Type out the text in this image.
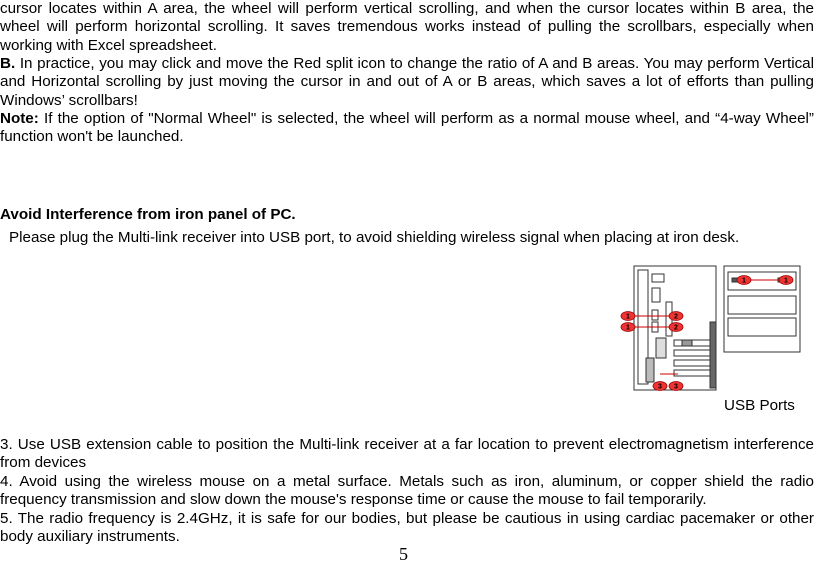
cursor locates within A area, the wheel will perform vertical scrolling, and when the cursor locates within B area, the wheel will perform horizontal scrolling. It saves tremendous works instead of pulling the scrollbars, especially when working with Excel spreadsheet.

B. In practice, you may click and move the Red split icon to change the ratio of A and B areas. You may perform Vertical and Horizontal scrolling by just moving the cursor in and out of A or B areas, which saves a lot of efforts than pulling Windows’ scrollbars!

Note: If the option of "Normal Wheel" is selected, the wheel will perform as a normal mouse wheel, and “4-way Wheel” function won't be launched.

Avoid Interference from iron panel of PC.

Please plug the Multi-link receiver into USB port, to avoid shielding wireless signal when placing at iron desk.

1
1
2
2
1
3 3
1
USB Ports

3. Use USB extension cable to position the Multi-link receiver at a far location to prevent electromagnetism interference from devices

4. Avoid using the wireless mouse on a metal surface. Metals such as iron, aluminum, or copper shield the radio frequency transmission and slow down the mouse's response time or cause the mouse to fail temporarily.

5. The radio frequency is 2.4GHz, it is safe for our bodies, but please be cautious in using cardiac pacemaker or other body auxiliary instruments.

5
